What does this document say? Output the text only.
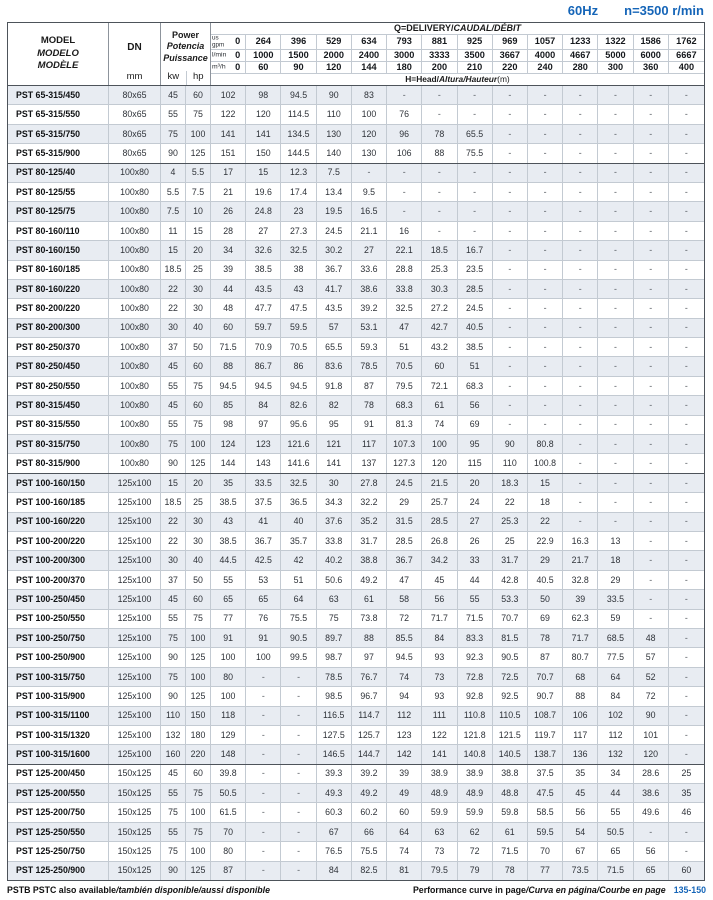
60Hz n=3500 r/min
MODEL
MODELO
MODÈLE
DN
mm
Power
Potencia
Puissance
kw	hp
Q=DELIVERY/ CAUDAL/DÉBIT
us gpm 0	264	396	529	634	793	881	925	969	1057	1233	1322	1586	1762
l/min 0	1000	1500	2000	2400	3000	3333	3500	3667	4000	4667	5000	6000	6667
m³/h 0	60	90	120	144	180	200	210	220	240	280	300	360	400
H=Head/ Altura/Hauteur (m)
PST 65-315/450	80x65	45	60	102	98	94.5	90	83	-	-	-	-	-	-	-	-	-
PST 65-315/550	80x65	55	75	122	120	114.5	110	100	76	-	-	-	-	-	-	-	-
PST 65-315/750	80x65	75	100	141	141	134.5	130	120	96	78	65.5	-	-	-	-	-	-
PST 65-315/900	80x65	90	125	151	150	144.5	140	130	106	88	75.5	-	-	-	-	-	-
PST 80-125/40	100x80	4	5.5	17	15	12.3	7.5	-	-	-	-	-	-	-	-	-	-
PST 80-125/55	100x80	5.5	7.5	21	19.6	17.4	13.4	9.5	-	-	-	-	-	-	-	-	-
PST 80-125/75	100x80	7.5	10	26	24.8	23	19.5	16.5	-	-	-	-	-	-	-	-	-
PST 80-160/110	100x80	11	15	28	27	27.3	24.5	21.1	16	-	-	-	-	-	-	-	-
PST 80-160/150	100x80	15	20	34	32.6	32.5	30.2	27	22.1	18.5	16.7	-	-	-	-	-	-
PST 80-160/185	100x80	18.5	25	39	38.5	38	36.7	33.6	28.8	25.3	23.5	-	-	-	-	-	-
PST 80-160/220	100x80	22	30	44	43.5	43	41.7	38.6	33.8	30.3	28.5	-	-	-	-	-	-
PST 80-200/220	100x80	22	30	48	47.7	47.5	43.5	39.2	32.5	27.2	24.5	-	-	-	-	-	-
PST 80-200/300	100x80	30	40	60	59.7	59.5	57	53.1	47	42.7	40.5	-	-	-	-	-	-
PST 80-250/370	100x80	37	50	71.5	70.9	70.5	65.5	59.3	51	43.2	38.5	-	-	-	-	-	-
PST 80-250/450	100x80	45	60	88	86.7	86	83.6	78.5	70.5	60	51	-	-	-	-	-	-
PST 80-250/550	100x80	55	75	94.5	94.5	94.5	91.8	87	79.5	72.1	68.3	-	-	-	-	-	-
PST 80-315/450	100x80	45	60	85	84	82.6	82	78	68.3	61	56	-	-	-	-	-	-
PST 80-315/550	100x80	55	75	98	97	95.6	95	91	81.3	74	69	-	-	-	-	-	-
PST 80-315/750	100x80	75	100	124	123	121.6	121	117	107.3	100	95	90	80.8	-	-	-	-
PST 80-315/900	100x80	90	125	144	143	141.6	141	137	127.3	120	115	110	100.8	-	-	-	-
PST 100-160/150	125x100	15	20	35	33.5	32.5	30	27.8	24.5	21.5	20	18.3	15	-	-	-	-
PST 100-160/185	125x100	18.5	25	38.5	37.5	36.5	34.3	32.2	29	25.7	24	22	18	-	-	-	-
PST 100-160/220	125x100	22	30	43	41	40	37.6	35.2	31.5	28.5	27	25.3	22	-	-	-	-
PST 100-200/220	125x100	22	30	38.5	36.7	35.7	33.8	31.7	28.5	26.8	26	25	22.9	16.3	13	-	-
PST 100-200/300	125x100	30	40	44.5	42.5	42	40.2	38.8	36.7	34.2	33	31.7	29	21.7	18	-	-
PST 100-200/370	125x100	37	50	55	53	51	50.6	49.2	47	45	44	42.8	40.5	32.8	29	-	-
PST 100-250/450	125x100	45	60	65	65	64	63	61	58	56	55	53.3	50	39	33.5	-	-
PST 100-250/550	125x100	55	75	77	76	75.5	75	73.8	72	71.7	71.5	70.7	69	62.3	59	-	-
PST 100-250/750	125x100	75	100	91	91	90.5	89.7	88	85.5	84	83.3	81.5	78	71.7	68.5	48	-
PST 100-250/900	125x100	90	125	100	100	99.5	98.7	97	94.5	93	92.3	90.5	87	80.7	77.5	57	-
PST 100-315/750	125x100	75	100	80	-	-	78.5	76.7	74	73	72.8	72.5	70.7	68	64	52	-
PST 100-315/900	125x100	90	125	100	-	-	98.5	96.7	94	93	92.8	92.5	90.7	88	84	72	-
PST 100-315/1100	125x100	110	150	118	-	-	116.5	114.7	112	111	110.8	110.5	108.7	106	102	90	-
PST 100-315/1320	125x100	132	180	129	-	-	127.5	125.7	123	122	121.8	121.5	119.7	117	112	101	-
PST 100-315/1600	125x100	160	220	148	-	-	146.5	144.7	142	141	140.8	140.5	138.7	136	132	120	-
PST 125-200/450	150x125	45	60	39.8	-	-	39.3	39.2	39	38.9	38.9	38.8	37.5	35	34	28.6	25
PST 125-200/550	150x125	55	75	50.5	-	-	49.3	49.2	49	48.9	48.9	48.8	47.5	45	44	38.6	35
PST 125-200/750	150x125	75	100	61.5	-	-	60.3	60.2	60	59.9	59.9	59.8	58.5	56	55	49.6	46
PST 125-250/550	150x125	55	75	70	-	-	67	66	64	63	62	61	59.5	54	50.5	-	-
PST 125-250/750	150x125	75	100	80	-	-	76.5	75.5	74	73	72	71.5	70	67	65	56	-
PST 125-250/900	150x125	90	125	87	-	-	84	82.5	81	79.5	79	78	77	73.5	71.5	65	60
PSTB PSTC also available/también disponible/aussi disponible	Performance curve in page /Curva en página/Courbe en page 135-150
